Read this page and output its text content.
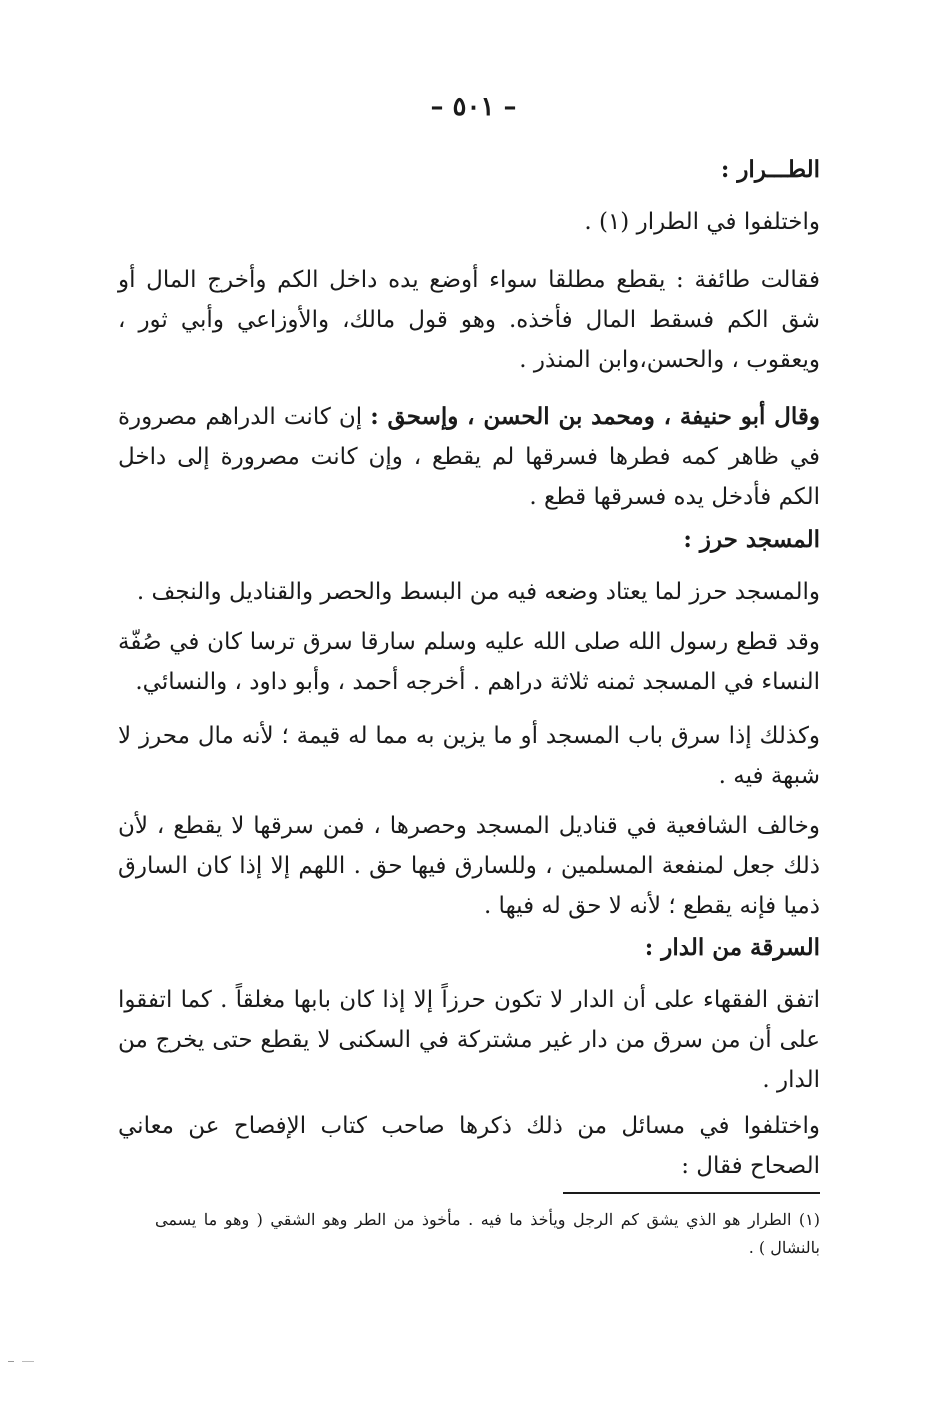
– ٥٠١ –
الطـــرار :
واختلفوا في الطرار (١) .
فقالت طائفة : يقطع مطلقا سواء أوضع يده داخل الكم وأخرج المال أو شق الكم فسقط المال فأخذه. وهو قول مالك، والأوزاعي وأبي ثور ، ويعقوب ، والحسن،وابن المنذر .
وقال أبو حنيفة ، ومحمد بن الحسن ، وإسحق : إن كانت الدراهم مصرورة في ظاهر كمه فطرها فسرقها لم يقطع ، وإن كانت مصرورة إلى داخل الكم فأدخل يده فسرقها قطع .
المسجد حرز :
والمسجد حرز لما يعتاد وضعه فيه من البسط والحصر والقناديل والنجف .
وقد قطع رسول الله صلى الله عليه وسلم سارقا سرق ترسا كان في صُفّة النساء في المسجد ثمنه ثلاثة دراهم . أخرجه أحمد ، وأبو داود ، والنسائي.
وكذلك إذا سرق باب المسجد أو ما يزين به مما له قيمة ؛ لأنه مال محرز لا شبهة فيه .
وخالف الشافعية في قناديل المسجد وحصرها ، فمن سرقها لا يقطع ، لأن ذلك جعل لمنفعة المسلمين ، وللسارق فيها حق . اللهم إلا إذا كان السارق ذميا فإنه يقطع ؛ لأنه لا حق له فيها .
السرقة من الدار :
اتفق الفقهاء على أن الدار لا تكون حرزاً إلا إذا كان بابها مغلقاً . كما اتفقوا على أن من سرق من دار غير مشتركة في السكنى لا يقطع حتى يخرج من الدار .
واختلفوا في مسائل من ذلك ذكرها صاحب كتاب الإفصاح عن معاني الصحاح فقال :
(١) الطرار هو الذي يشق كم الرجل ويأخذ ما فيه . مأخوذ من الطر وهو الشقي ( وهو ما يسمى بالنشال ) .
